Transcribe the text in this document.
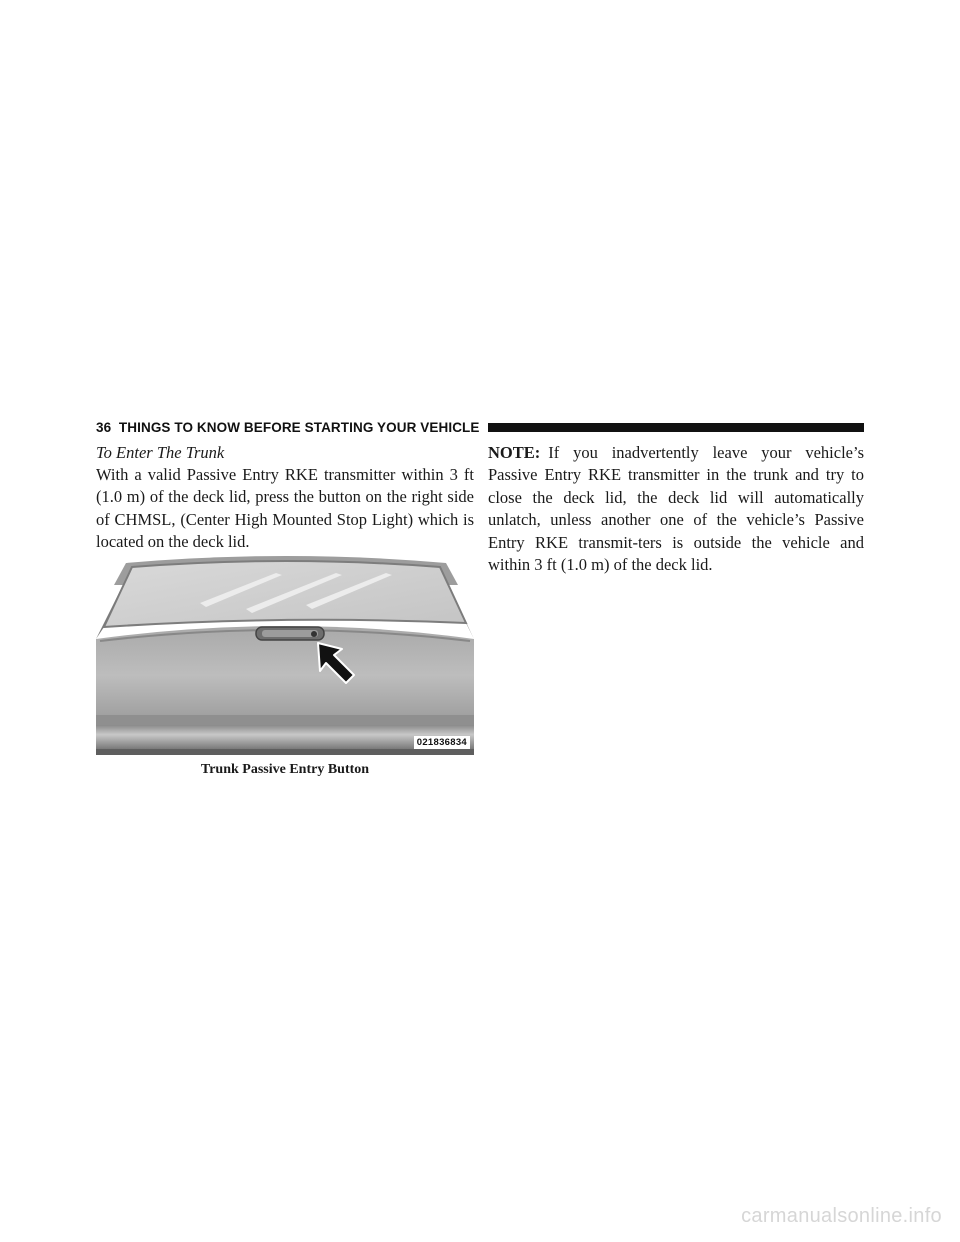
36 THINGS TO KNOW BEFORE STARTING YOUR VEHICLE

To Enter The Trunk

With a valid Passive Entry RKE transmitter within 3 ft (1.0 m) of the deck lid, press the button on the right side of CHMSL, (Center High Mounted Stop Light) which is located on the deck lid.

021836834
Trunk Passive Entry Button

NOTE: If you inadvertently leave your vehicle’s Passive Entry RKE transmitter in the trunk and try to close the deck lid, the deck lid will automatically unlatch, unless another one of the vehicle’s Passive Entry RKE transmit-ters is outside the vehicle and within 3 ft (1.0 m) of the deck lid.

carmanualsonline.info
